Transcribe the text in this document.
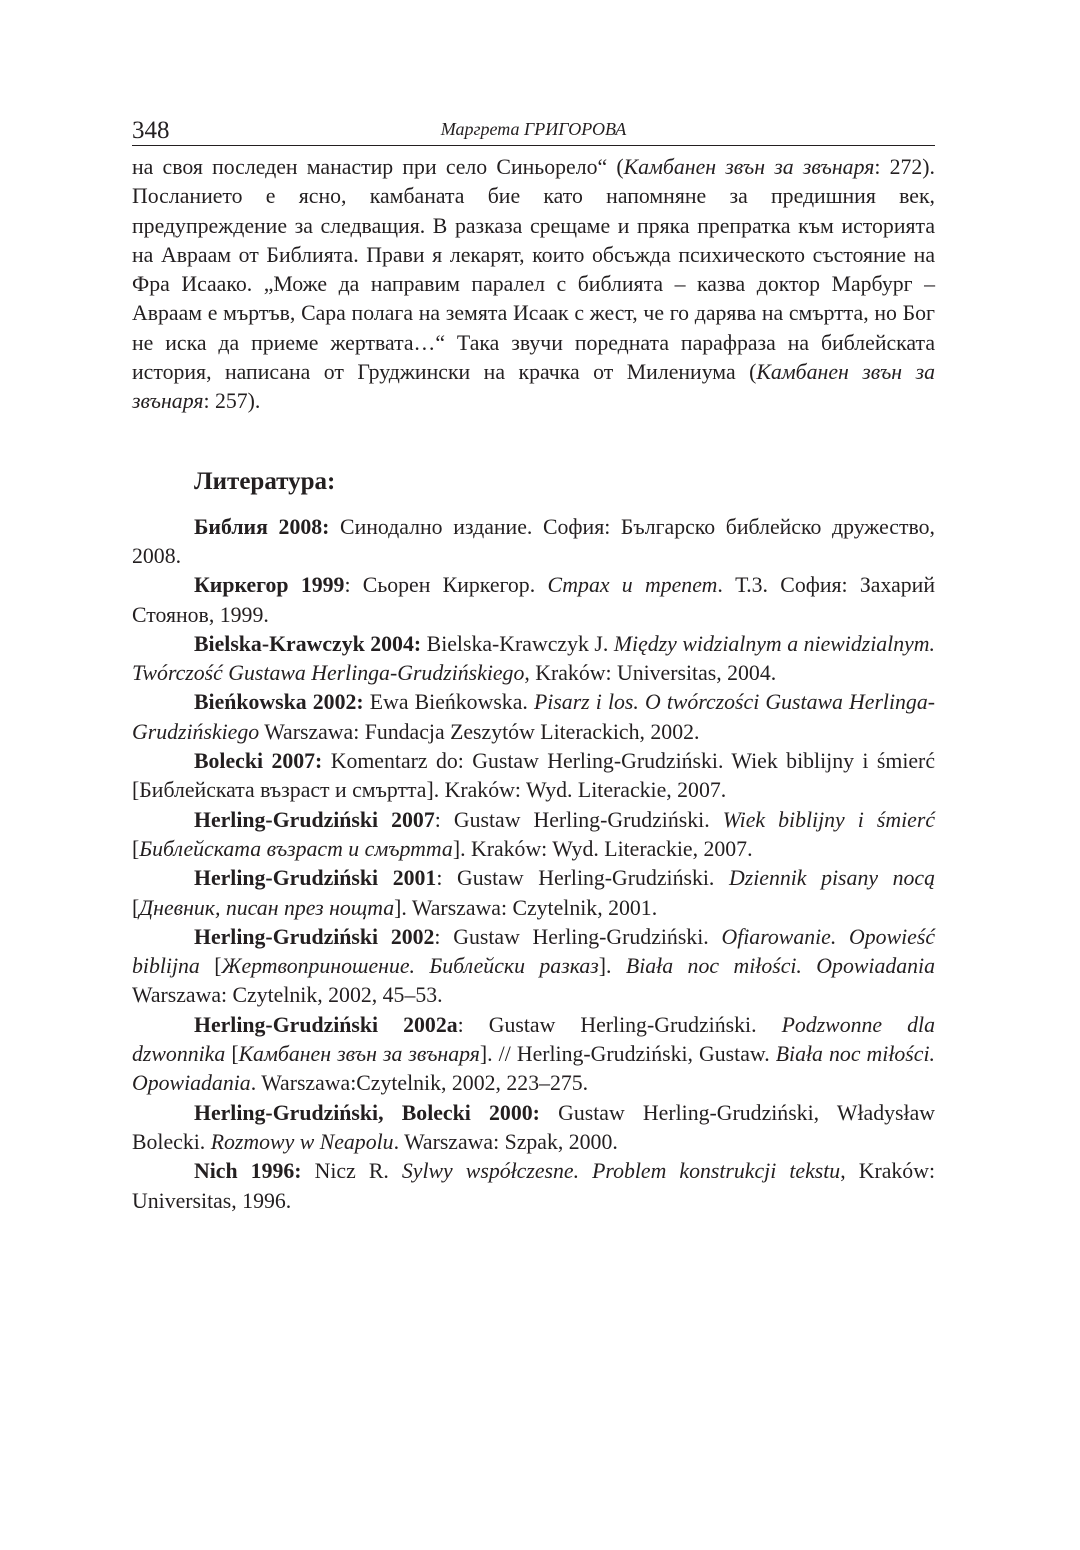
348	Маргрета ГРИГОРОВА

на своя последен манастир при село Синьорело“ (Камбанен звън за звънаря: 272). Посланието е ясно, камбаната бие като напомняне за предишния век, предупреждение за следващия. В разказа срещаме и пряка препратка към историята на Авраам от Библията. Прави я лекарят, които обсъжда психическото състояние на Фра Исаако. „Може да направим паралел с библията – казва доктор Марбург – Авраам е мъртъв, Сара полага на земята Исаак с жест, че го дарява на смъртта, но Бог не иска да приеме жертвата…“ Така звучи поредната парафраза на библейската история, написана от Груджински на крачка от Милениума (Камбанен звън за звънаря: 257).

Литература:

Библия 2008: Синодално издание. София: Българско библейско дружество, 2008.

Киркегор 1999: Сьорен Киркегор. Страх и трепет. Т.3. София: Захарий Стоянов, 1999.

Bielska-Krawczyk 2004: Bielska-Krawczyk J. Między widzialnym a niewidzialnym. Twórczość Gustawa Herlinga-Grudzińskiego, Kraków: Universitas, 2004.

Bieńkowska 2002: Ewa Bieńkowska. Pisarz i los. O twórczości Gustawa Herlinga-Grudzińskiego Warszawa: Fundacja Zeszytów Literackich, 2002.

Bolecki 2007: Komentarz do: Gustaw Herling-Grudziński. Wiek biblijny i śmierć [Библейската възраст и смъртта]. Kraków: Wyd. Literackie, 2007.

Herling-Grudziński 2007: Gustaw Herling-Grudziński. Wiek biblijny i śmierć [Библейската възраст и смъртта]. Kraków: Wyd. Literackie, 2007.

Herling-Grudziński 2001: Gustaw Herling-Grudziński. Dziennik pisany nocą [Дневник, писан през нощта]. Warszawa: Czytelnik, 2001.

Herling-Grudziński 2002: Gustaw Herling-Grudziński. Ofiarowanie. Opowieść biblijna [Жертвоприношение. Библейски разказ]. Biała noc miłości. Opowiadania Warszawa: Czytelnik, 2002, 45–53.

Herling-Grudziński 2002a: Gustaw Herling-Grudziński. Podzwonne dla dzwonnika [Камбанен звън за звънаря]. // Herling-Grudziński, Gustaw. Biała noc miłości. Opowiadania. Warszawa:Czytelnik, 2002, 223–275.

Herling-Grudziński, Bolecki 2000: Gustaw Herling-Grudziński, Władysław Bolecki. Rozmowy w Neapolu. Warszawa: Szpak, 2000.

Nich 1996: Nicz R. Sylwy współczesne. Problem konstrukcji tekstu, Kraków: Universitas, 1996.
